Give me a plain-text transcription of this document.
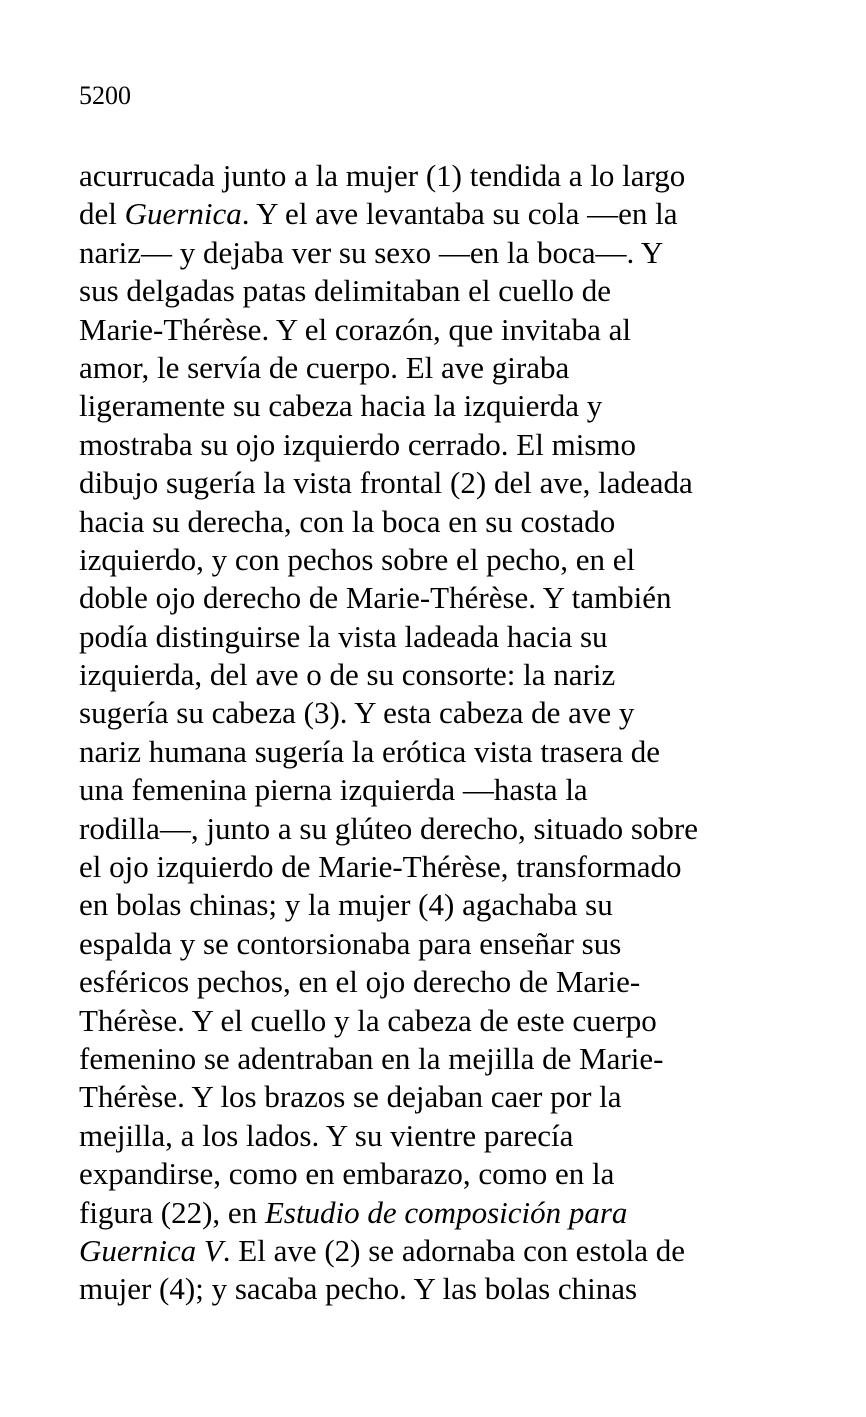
5200
acurrucada junto a la mujer (1) tendida a lo largo
del Guernica. Y el ave levantaba su cola —en la
nariz— y dejaba ver su sexo —en la boca—. Y
sus delgadas patas delimitaban el cuello de
Marie-Thérèse. Y el corazón, que invitaba al
amor, le servía de cuerpo. El ave giraba
ligeramente su cabeza hacia la izquierda y
mostraba su ojo izquierdo cerrado. El mismo
dibujo sugería la vista frontal (2) del ave, ladeada
hacia su derecha, con la boca en su costado
izquierdo, y con pechos sobre el pecho, en el
doble ojo derecho de Marie-Thérèse. Y también
podía distinguirse la vista ladeada hacia su
izquierda, del ave o de su consorte: la nariz
sugería su cabeza (3). Y esta cabeza de ave y
nariz humana sugería la erótica vista trasera de
una femenina pierna izquierda —hasta la
rodilla—, junto a su glúteo derecho, situado sobre
el ojo izquierdo de Marie-Thérèse, transformado
en bolas chinas; y la mujer (4) agachaba su
espalda y se contorsionaba para enseñar sus
esféricos pechos, en el ojo derecho de Marie-
Thérèse. Y el cuello y la cabeza de este cuerpo
femenino se adentraban en la mejilla de Marie-
Thérèse. Y los brazos se dejaban caer por la
mejilla, a los lados. Y su vientre parecía
expandirse, como en embarazo, como en la
figura (22), en Estudio de composición para
Guernica V. El ave (2) se adornaba con estola de
mujer (4); y sacaba pecho. Y las bolas chinas
